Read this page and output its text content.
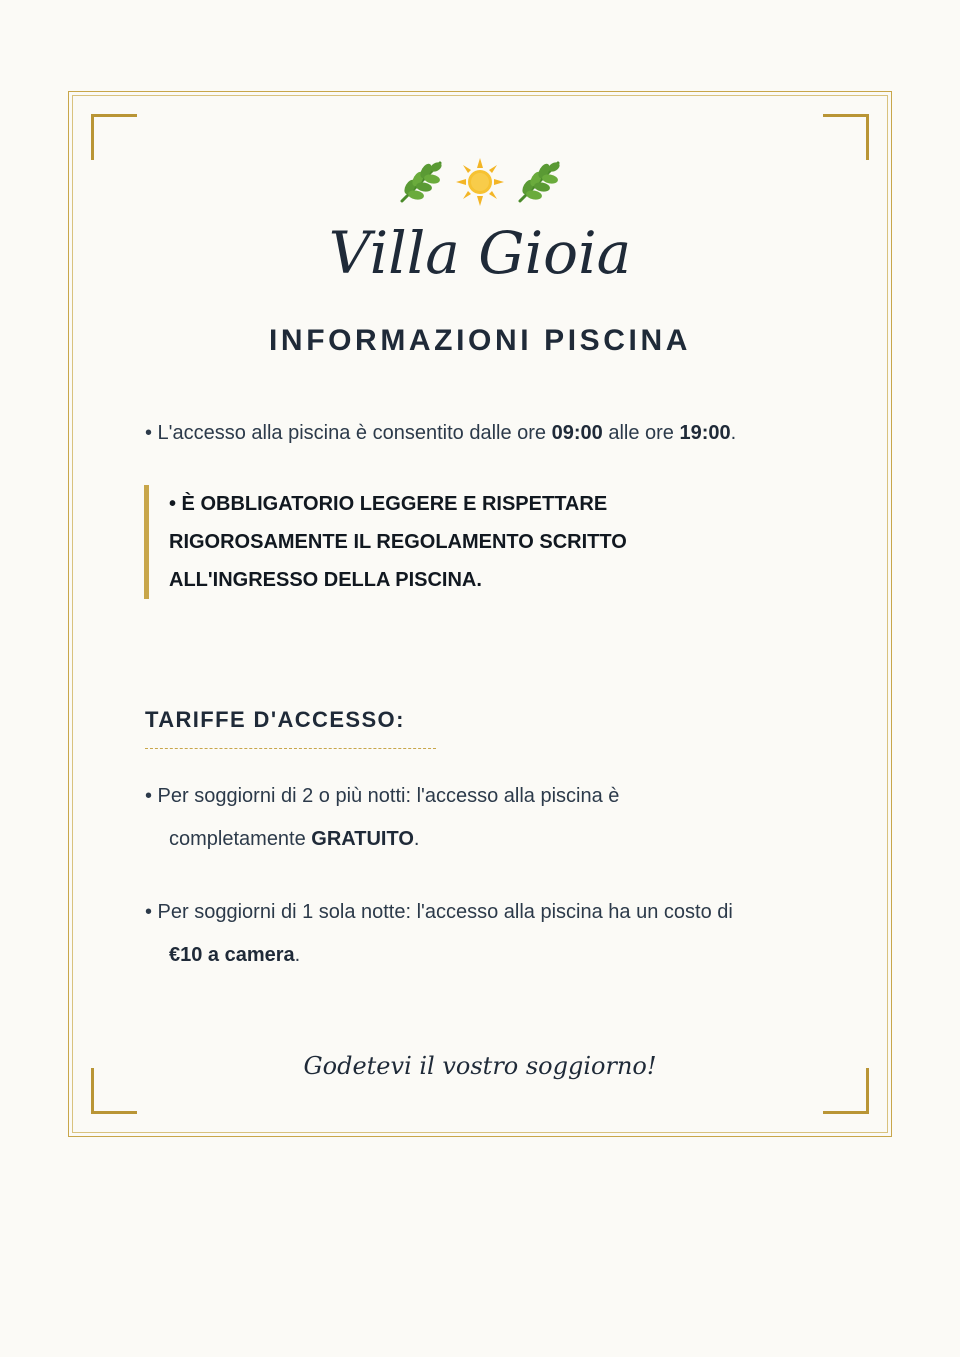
Villa Gioia
INFORMAZIONI PISCINA
• L'accesso alla piscina è consentito dalle ore 09:00 alle ore 19:00.
• È OBBLIGATORIO LEGGERE E RISPETTARE RIGOROSAMENTE IL REGOLAMENTO SCRITTO ALL'INGRESSO DELLA PISCINA.
TARIFFE D'ACCESSO:
• Per soggiorni di 2 o più notti: l'accesso alla piscina è
completamente GRATUITO.
• Per soggiorni di 1 sola notte: l'accesso alla piscina ha un costo di
€10 a camera.
Godetevi il vostro soggiorno!
